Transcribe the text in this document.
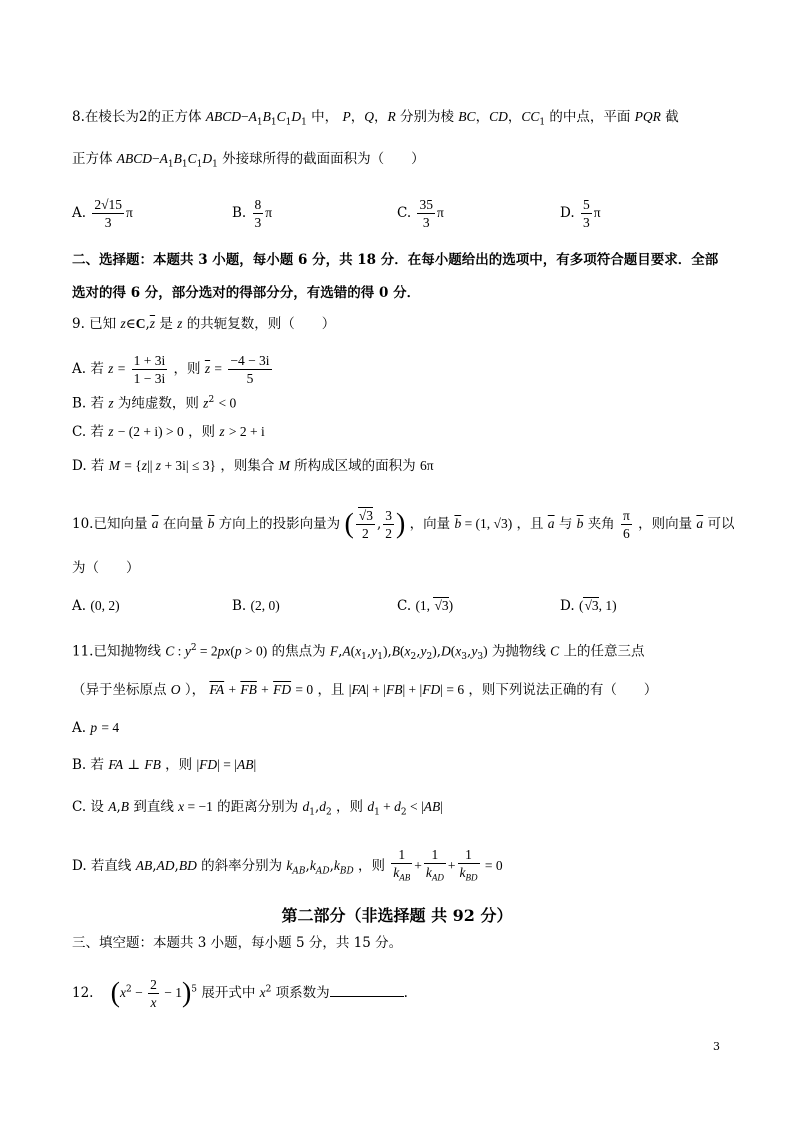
8.在棱长为2的正方体 $ABCD-A_1B_1C_1D_1$ 中， P，Q，R 分别为棱 BC，CD，$CC_1$ 的中点，平面 PQR 截
正方体 $ABCD-A_1B_1C_1D_1$ 外接球所得的截面面积为（　　）
A. $\frac{2√15}{3}$ π	B. $\frac{8}{3}$ π	C. $\frac{35}{3}$ π	D. $\frac{5}{3}$ π
二、选择题：本题共 3 小题，每小题 6 分，共 18 分．在每小题给出的选项中，有多项符合题目要求．全部
选对的得 6 分，部分选对的得部分分，有选错的得 0 分．
9. 已知 $z\in C,\overline{z}$ 是 z 的共轭复数，则（　　）
A. 若 $z = \frac{1 + 3i}{1 - 3i}$ ，则 $\overline{z} = \frac{-4 - 3i}{5}$
B. 若 z 为纯虚数，则 $z^2 < 0$
C. 若 z − (2 + i) > 0 ，则 z > 2 + i
D. 若 M = {z|| z + 3i| ≤ 3} ，则集合 M 所构成区域的面积为 6π
10.已知向量 $\overline{a}$ 在向量 $\overline{b}$ 方向上的投影向量为 ( $\frac{√3}{2}$ , $\frac{3}{2}$ ) ，向量 $\overline{b} = (1$, √3) ，且 $\overline{a}$ 与 $\overline{b}$ 夹角 $\frac{\pi}{6}$ ，则向量 $\overline{a}$ 可以
为（　　）
A. (0, 2)	B. (2, 0)	C. (1, √3)	D. (√3, 1)
11.已知抛物线 C : $y^2 = 2px(p > 0)$ 的焦点为 $F,A(x_1,y_1),B(x_2,y_2),D(x_3,y_3)$ 为抛物线 C 上的任意三点
（异于坐标原点 O ）， $\overline{FA} + \overline{FB} + \overline{FD} = 0$ ，且 |FA| + |FB| + |FD| = 6 ，则下列说法正确的有（　　）
A. p = 4
B. 若 FA ⊥ FB ，则 |FD| = |AB|
C. 设 A,B 到直线 x = −1 的距离分别为 $d_1,d_2$ ，则 $d_1 + d_2 < |AB|$
D. 若直线 AB,AD,BD 的斜率分别为 $k_{AB},k_{AD},k_{BD}$ ，则 $\frac{1}{k_{AB}} + \frac{1}{k_{AD}} + \frac{1}{k_{BD}} = 0$
第二部分（非选择题 共 92 分）
三、填空题：本题共 3 小题，每小题 5 分，共 15 分。
12. $(x^2 - \frac{2}{x} - 1)^5$ 展开式中 $x^2$ 项系数为	.
3
